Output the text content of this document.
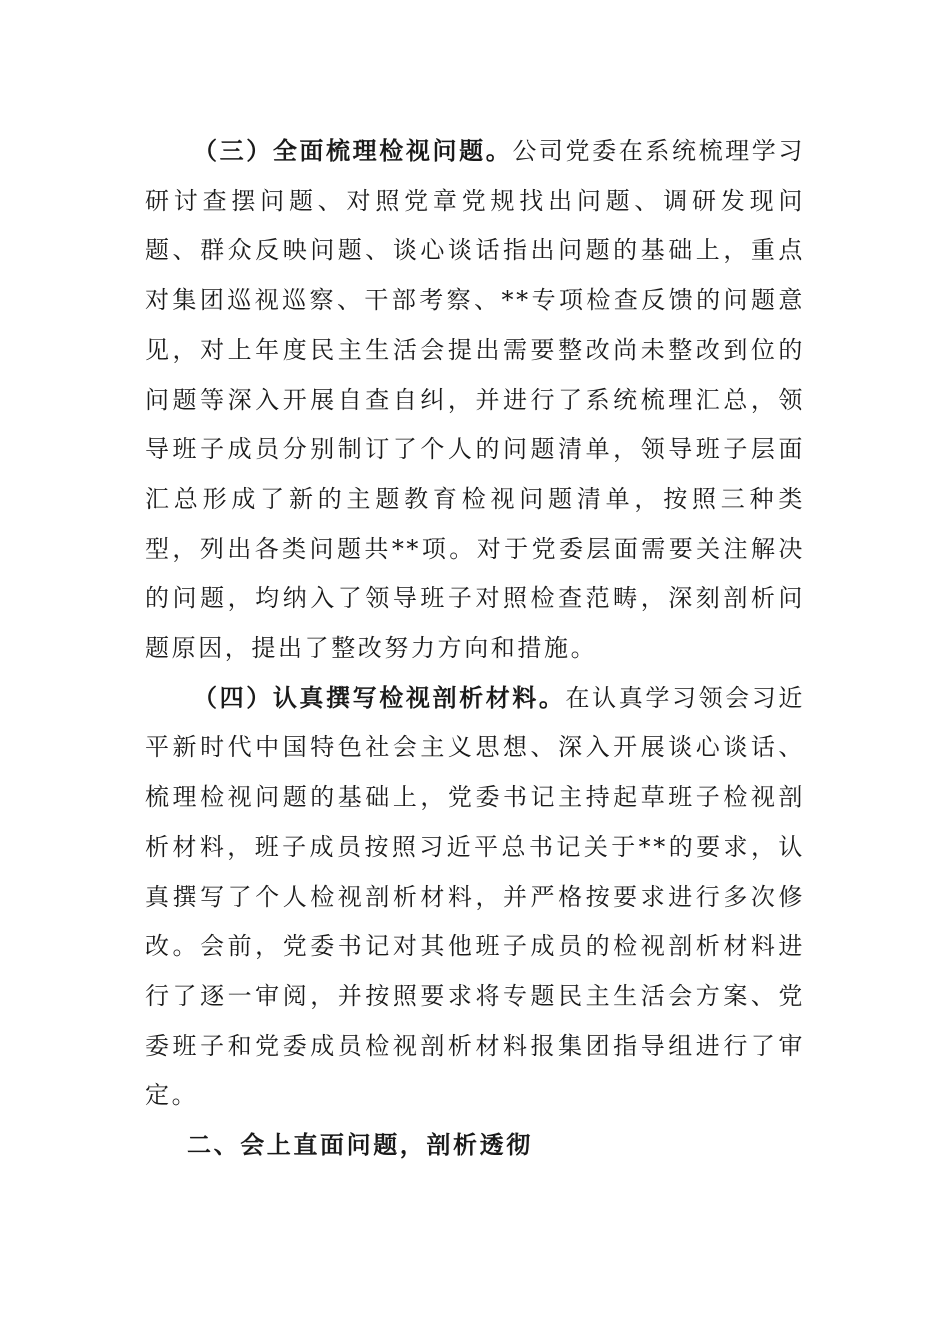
（三）全面梳理检视问题。公司党委在系统梳理学习研讨查摆问题、对照党章党规找出问题、调研发现问题、群众反映问题、谈心谈话指出问题的基础上，重点对集团巡视巡察、干部考察、**专项检查反馈的问题意见，对上年度民主生活会提出需要整改尚未整改到位的问题等深入开展自查自纠，并进行了系统梳理汇总，领导班子成员分别制订了个人的问题清单，领导班子层面汇总形成了新的主题教育检视问题清单，按照三种类型，列出各类问题共**项。对于党委层面需要关注解决的问题，均纳入了领导班子对照检查范畴，深刻剖析问题原因，提出了整改努力方向和措施。

（四）认真撰写检视剖析材料。在认真学习领会习近平新时代中国特色社会主义思想、深入开展谈心谈话、梳理检视问题的基础上，党委书记主持起草班子检视剖析材料，班子成员按照习近平总书记关于**的要求，认真撰写了个人检视剖析材料，并严格按要求进行多次修改。会前，党委书记对其他班子成员的检视剖析材料进行了逐一审阅，并按照要求将专题民主生活会方案、党委班子和党委成员检视剖析材料报集团指导组进行了审定。

二、会上直面问题，剖析透彻
